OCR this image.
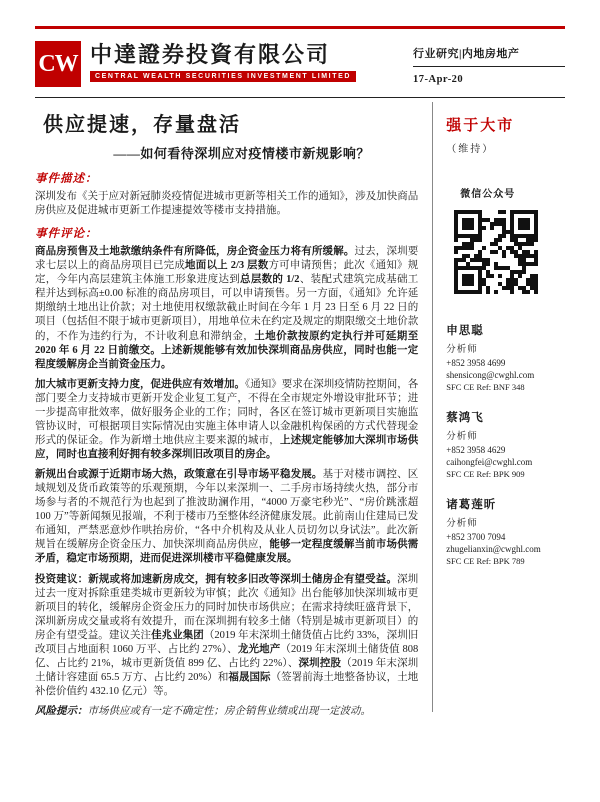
CW 中達證券投資有限公司
CENTRAL WEALTH SECURITIES INVESTMENT LIMITED
行业研究|内地房地产
17-Apr-20
供应提速，存量盘活
——如何看待深圳应对疫情楼市新规影响？
事件描述：

深圳发布《关于应对新冠肺炎疫情促进城市更新等相关工作的通知》，涉及加快商品房供应及促进城市更新工作提速提效等楼市支持措施。

事件评论：

商品房预售及土地款缴纳条件有所降低，房企资金压力将有所缓解。过去，深圳要求七层以上的商品房项目已完成地面以上 2/3 层数方可申请预售；此次《通知》规定，今年内高层建筑主体施工形象进度达到总层数的 1/2、装配式建筑完成基础工程并达到标高±0.00 标准的商品房项目，可以申请预售。另一方面，《通知》允许延期缴纳土地出让价款；对土地使用权缴款截止时间在今年 1 月 23 日至 6 月 22 日的项目（包括但不限于城市更新项目），用地单位未在约定及规定的期限缴交土地价款的，不作为违约行为，不计收利息和滞纳金，土地价款按原约定执行并可延期至 2020 年 6 月 22 日前缴交。上述新规能够有效加快深圳商品房供应，同时也能一定程度缓解房企当前资金压力。

加大城市更新支持力度，促进供应有效增加。《通知》要求在深圳疫情防控期间，各部门要全力支持城市更新开发企业复工复产，不得在全市规定外增设审批环节；进一步提高审批效率，做好服务企业的工作；同时，各区在签订城市更新项目实施监管协议时，可根据项目实际情况由实施主体申请人以金融机构保函的方式代替现金形式的保证金。作为新增土地供应主要来源的城市，上述规定能够加大深圳市场供应，同时也直接利好拥有较多深圳旧改项目的房企。

新规出台或源于近期市场大热，政策意在引导市场平稳发展。基于对楼市调控、区域规划及货币政策等的乐观预期，今年以来深圳一、二手房市场持续火热，部分市场参与者的不规范行为也起到了推波助澜作用，“4000 万豪宅秒光”、“房价跳涨超 100 万”等新闻频见报端，不利于楼市乃至整体经济健康发展。此前南山住建局已发布通知，严禁恶意炒作哄抬房价，“各中介机构及从业人员切勿以身试法”。此次新规旨在缓解房企资金压力、加快深圳商品房供应，能够一定程度缓解当前市场供需矛盾，稳定市场预期，进而促进深圳楼市平稳健康发展。

投资建议：新规或将加速新房成交，拥有较多旧改等深圳土储房企有望受益。深圳过去一度对拆除重建类城市更新较为审慎；此次《通知》出台能够加快深圳城市更新项目的转化，缓解房企资金压力的同时加快市场供应；在需求持续旺盛背景下，深圳新房成交量或将有效提升，而在深圳拥有较多土储（特别是城市更新项目）的房企有望受益。建议关注佳兆业集团（2019 年末深圳土储货值占比约 33%，深圳旧改项目占地面积 1060 万平、占比约 27%）、龙光地产（2019 年末深圳土储货值 808 亿、占比约 21%，城市更新货值 899 亿、占比约 22%）、深圳控股（2019 年末深圳土储计容建面 65.5 万方、占比约 20%）和福晟国际（签署前海土地整备协议，土地补偿价值约 432.10 亿元）等。

风险提示：市场供应或有一定不确定性；房企销售业绩或出现一定波动。

强于大市
（维持）
微信公众号
申思聪
分析师
+852 3958 4699
shensicong@cwghl.com
SFC CE Ref: BNF 348
蔡鸿飞
分析师
+852 3958 4629
caihongfei@cwghl.com
SFC CE Ref: BPK 909
诸葛莲昕
分析师
+852 3700 7094
zhugelianxin@cwghl.com
SFC CE Ref: BPK 789
